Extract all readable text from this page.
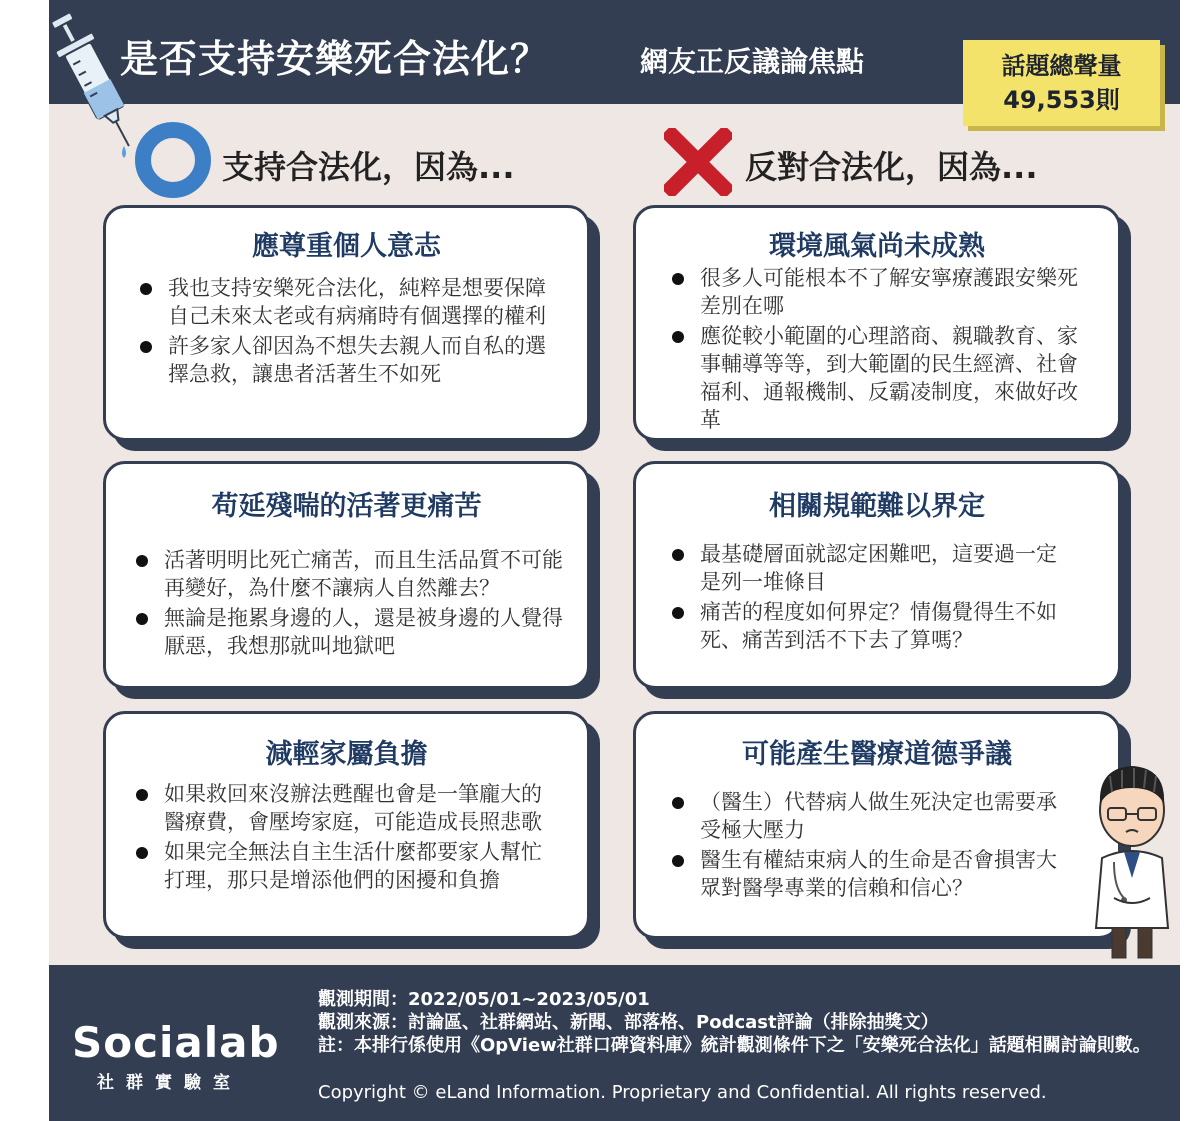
是否支持安樂死合法化？	網友正反議論焦點	話題總聲量
49,553則
支持合法化，因為...	反對合法化，因為...
應尊重個人意志
我也支持安樂死合法化，純粹是想要保障自己未來太老或有病痛時有個選擇的權利
許多家人卻因為不想失去親人而自私的選擇急救，讓患者活著生不如死
苟延殘喘的活著更痛苦
活著明明比死亡痛苦，而且生活品質不可能再變好，為什麼不讓病人自然離去？
無論是拖累身邊的人，還是被身邊的人覺得厭惡，我想那就叫地獄吧
減輕家屬負擔
如果救回來沒辦法甦醒也會是一筆龐大的醫療費，會壓垮家庭，可能造成長照悲歌
如果完全無法自主生活什麼都要家人幫忙打理，那只是增添他們的困擾和負擔
環境風氣尚未成熟
很多人可能根本不了解安寧療護跟安樂死差別在哪
應從較小範圍的心理諮商、親職教育、家事輔導等等，到大範圍的民生經濟、社會福利、通報機制、反霸凌制度，來做好改革
相關規範難以界定
最基礎層面就認定困難吧，這要過一定是列一堆條目
痛苦的程度如何界定？情傷覺得生不如死、痛苦到活不下去了算嗎？
可能產生醫療道德爭議
（醫生）代替病人做生死決定也需要承受極大壓力
醫生有權結束病人的生命是否會損害大眾對醫學專業的信賴和信心？
Socialab
社群實驗室
觀測期間：2022/05/01~2023/05/01
觀測來源：討論區、社群網站、新聞、部落格、Podcast評論（排除抽獎文）
註：本排行係使用《OpView社群口碑資料庫》統計觀測條件下之「安樂死合法化」話題相關討論則數。
Copyright © eLand Information. Proprietary and Confidential. All rights reserved.
